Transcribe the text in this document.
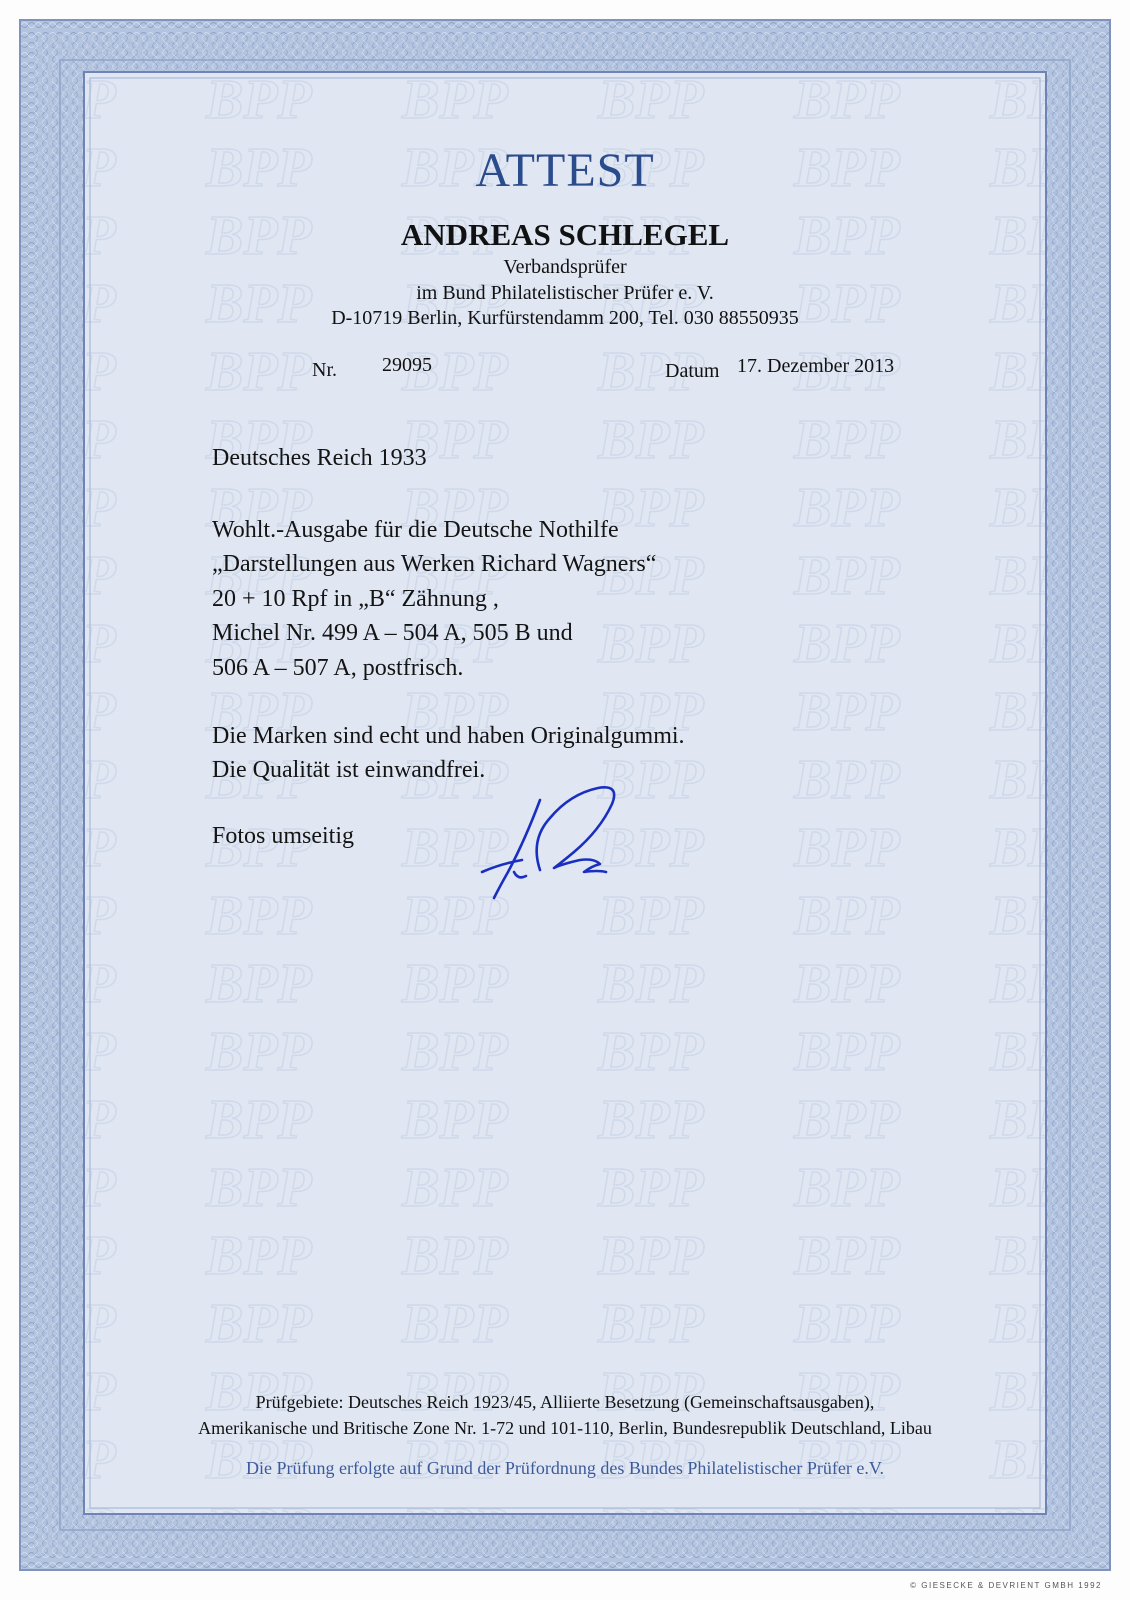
ATTEST
ANDREAS SCHLEGEL
Verbandsprüfer
im Bund Philatelistischer Prüfer e. V.
D-10719 Berlin, Kurfürstendamm 200, Tel. 030 88550935
Nr. 29095	Datum 17. Dezember 2013
Deutsches Reich 1933
Wohlt.-Ausgabe für die Deutsche Nothilfe
„Darstellungen aus Werken Richard Wagners“
20 + 10 Rpf in „B“ Zähnung ,
Michel Nr. 499 A – 504 A, 505 B und
506 A – 507 A, postfrisch.
Die Marken sind echt und haben Originalgummi.
Die Qualität ist einwandfrei.
Fotos umseitig
Prüfgebiete: Deutsches Reich 1923/45, Alliierte Besetzung (Gemeinschaftsausgaben),
Amerikanische und Britische Zone Nr. 1-72 und 101-110, Berlin, Bundesrepublik Deutschland, Libau
Die Prüfung erfolgte auf Grund der Prüfordnung des Bundes Philatelistischer Prüfer e.V.
© GIESECKE & DEVRIENT GMBH 1992
